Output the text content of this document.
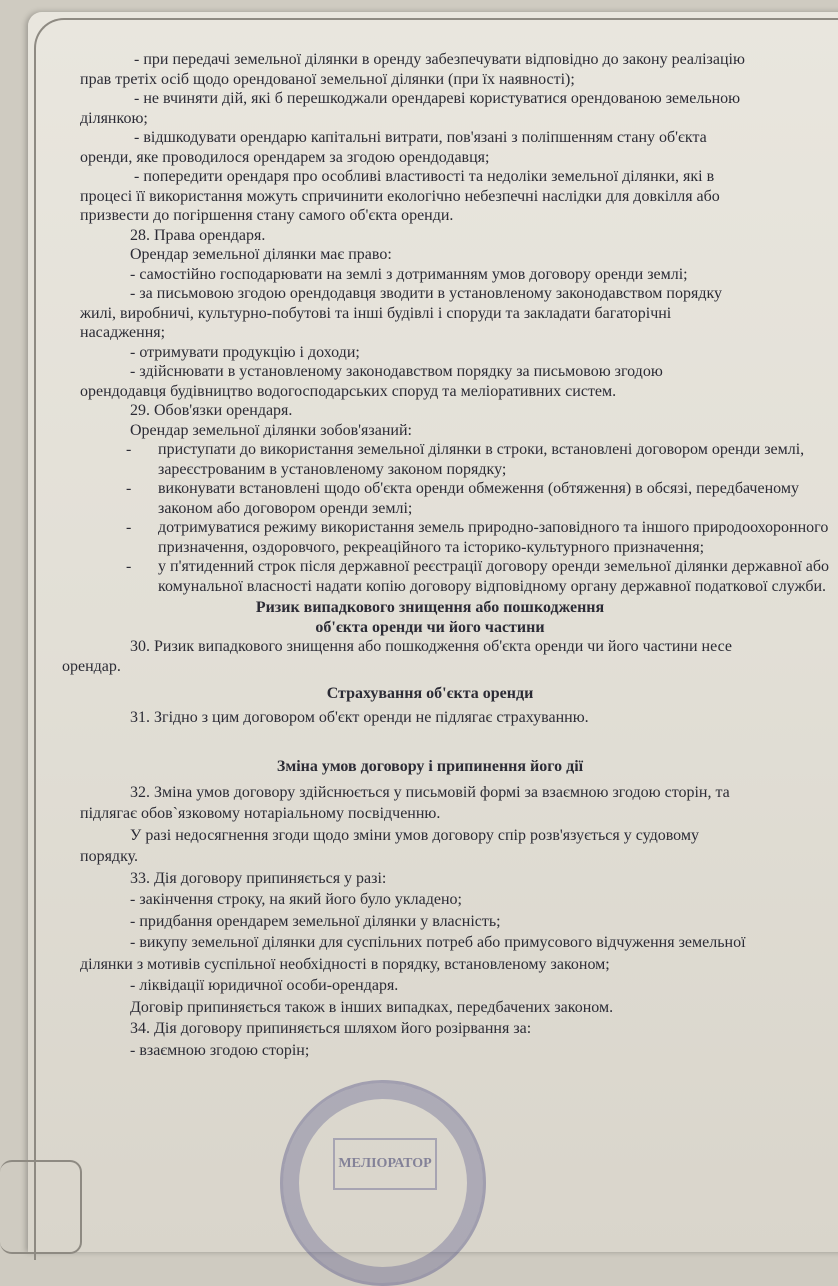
- при передачі земельної ділянки в оренду забезпечувати відповідно до закону реалізацію

прав третіх осіб щодо орендованої земельної ділянки (при їх наявності);

- не вчиняти дій, які б перешкоджали орендареві користуватися орендованою земельною

ділянкою;

- відшкодувати орендарю капітальні витрати, пов'язані з поліпшенням стану об'єкта

оренди, яке проводилося орендарем за згодою орендодавця;

- попередити орендаря про особливі властивості та недоліки земельної ділянки, які в

процесі її використання можуть спричинити екологічно небезпечні наслідки для довкілля або

призвести до погіршення стану самого об'єкта оренди.

28. Права орендаря.

Орендар земельної ділянки має право:

- самостійно господарювати на землі з дотриманням умов договору оренди землі;

- за письмовою згодою орендодавця зводити в установленому законодавством порядку

жилі, виробничі, культурно-побутові та інші будівлі і споруди та закладати багаторічні

насадження;

- отримувати продукцію і доходи;

- здійснювати в установленому законодавством порядку за письмовою згодою

орендодавця будівництво водогосподарських споруд та меліоративних систем.

29. Обов'язки орендаря.

Орендар земельної ділянки зобов'язаний:

- приступати до використання земельної ділянки в строки, встановлені договором оренди землі, зареєстрованим в установленому законом порядку;
- виконувати встановлені щодо об'єкта оренди обмеження (обтяження) в обсязі, передбаченому законом або договором оренди землі;
- дотримуватися режиму використання земель природно-заповідного та іншого природоохоронного призначення, оздоровчого, рекреаційного та історико-культурного призначення;
- у п'ятиденний строк після державної реєстрації договору оренди земельної ділянки державної або комунальної власності надати копію договору відповідному органу державної податкової служби.

Ризик випадкового знищення або пошкодження

об'єкта оренди чи його частини

30. Ризик випадкового знищення або пошкодження об'єкта оренди чи його частини несе

орендар.

Страхування об'єкта оренди

31. Згідно з цим договором об'єкт оренди не підлягає страхуванню.

Зміна умов договору і припинення його дії

32. Зміна умов договору здійснюється у письмовій формі за взаємною згодою сторін, та

підлягає обов`язковому нотаріальному посвідченню.

У разі недосягнення згоди щодо зміни умов договору спір розв'язується у судовому

порядку.

33. Дія договору припиняється у разі:

- закінчення строку, на який його було укладено;

- придбання орендарем земельної ділянки у власність;

- викупу земельної ділянки для суспільних потреб або примусового відчуження земельної

ділянки з мотивів суспільної необхідності в порядку, встановленому законом;

- ліквідації юридичної особи-орендаря.

Договір припиняється також в інших випадках, передбачених законом.

34. Дія договору припиняється шляхом його розірвання за:

- взаємною згодою сторін;

МЕЛІОРАТОР
